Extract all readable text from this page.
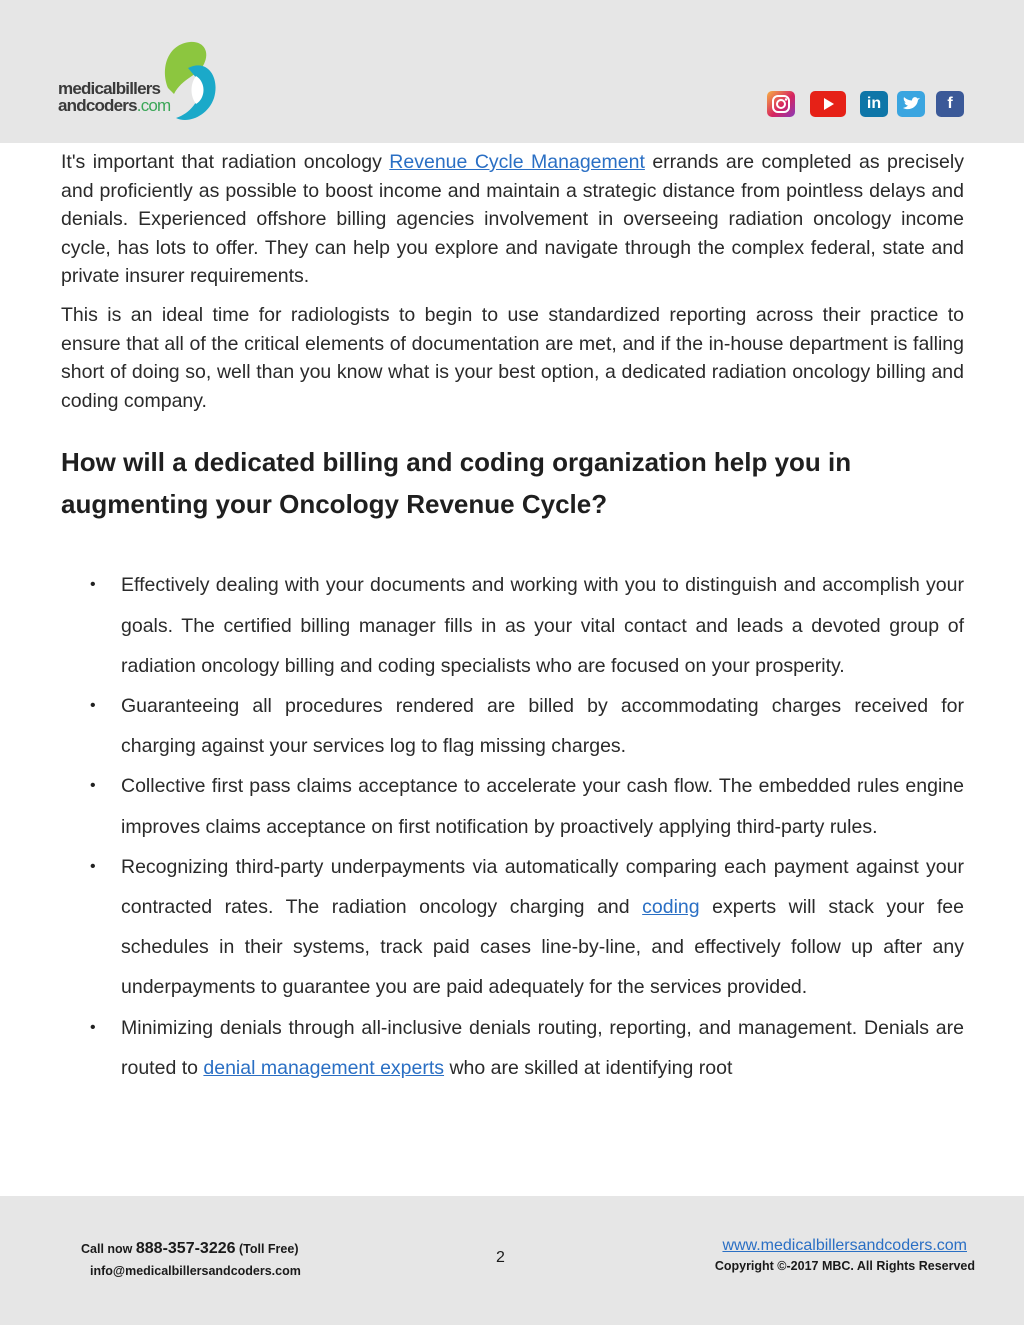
medicalbillers
andcoders.com	in	f

It's important that radiation oncology Revenue Cycle Management errands are completed as precisely and proficiently as possible to boost income and maintain a strategic distance from pointless delays and denials. Experienced offshore billing agencies involvement in overseeing radiation oncology income cycle, has lots to offer. They can help you explore and navigate through the complex federal, state and private insurer requirements.

This is an ideal time for radiologists to begin to use standardized reporting across their practice to ensure that all of the critical elements of documentation are met, and if the in-house department is falling short of doing so, well than you know what is your best option, a dedicated radiation oncology billing and coding company.

How will a dedicated billing and coding organization help you in augmenting your Oncology Revenue Cycle?
• Effectively dealing with your documents and working with you to distinguish and accomplish your goals. The certified billing manager fills in as your vital contact and leads a devoted group of radiation oncology billing and coding specialists who are focused on your prosperity.
• Guaranteeing all procedures rendered are billed by accommodating charges received for charging against your services log to flag missing charges.
• Collective first pass claims acceptance to accelerate your cash flow. The embedded rules engine improves claims acceptance on first notification by proactively applying third-party rules.
• Recognizing third-party underpayments via automatically comparing each payment against your contracted rates. The radiation oncology charging and coding experts will stack your fee schedules in their systems, track paid cases line-by-line, and effectively follow up after any underpayments to guarantee you are paid adequately for the services provided.
• Minimizing denials through all-inclusive denials routing, reporting, and management. Denials are routed to denial management experts who are skilled at identifying root
Call now 888-357-3226 (Toll Free)
info@medicalbillersandcoders.com
2
www.medicalbillersandcoders.com
Copyright ©-2017 MBC. All Rights Reserved
